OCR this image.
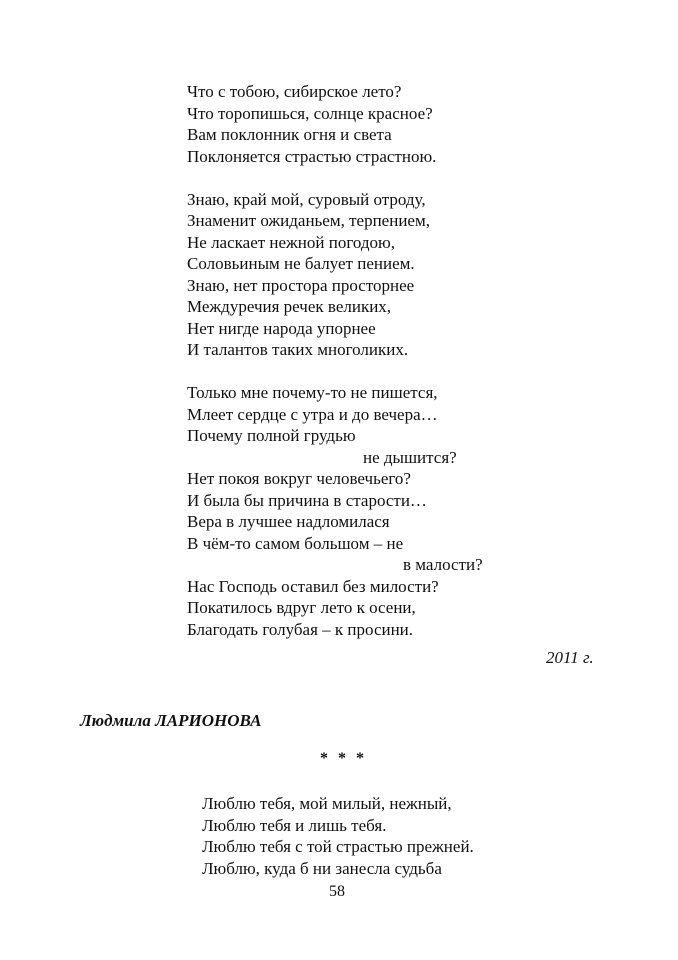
Что с тобою, сибирское лето?
Что торопишься, солнце красное?
Вам поклонник огня и света
Поклоняется страстью страстною.
Знаю, край мой, суровый отроду,
Знаменит ожиданьем, терпением,
Не ласкает нежной погодою,
Соловьиным не балует пением.
Знаю, нет простора просторнее
Междуречия речек великих,
Нет нигде народа упорнее
И талантов таких многоликих.
Только мне почему-то не пишется,
Млеет сердце с утра и до вечера…
Почему полной грудью
не дышится?
Нет покоя вокруг человечьего?
И была бы причина в старости…
Вера в лучшее надломилася
В чём-то самом большом – не
в малости?
Нас Господь оставил без милости?
Покатилось вдруг лето к осени,
Благодать голубая – к просини.
2011 г.
Людмила ЛАРИОНОВА
* * *
Люблю тебя, мой милый, нежный,
Люблю тебя и лишь тебя.
Люблю тебя с той страстью прежней.
Люблю, куда б ни занесла судьба
58
